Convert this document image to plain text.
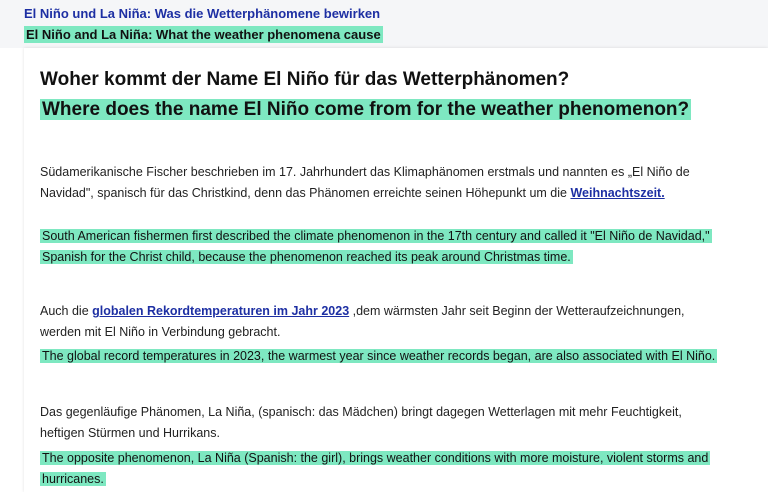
El Niño und La Niña: Was die Wetterphänomene bewirken
El Niño and La Niña: What the weather phenomena cause
Woher kommt der Name El Niño für das Wetterphänomen?
Where does the name El Niño come from for the weather phenomenon?

Südamerikanische Fischer beschrieben im 17. Jahrhundert das Klimaphänomen erstmals und nannten es „El Niño de Navidad", spanisch für das Christkind, denn das Phänomen erreichte seinen Höhepunkt um die Weihnachtszeit.

South American fishermen first described the climate phenomenon in the 17th century and called it "El Niño de Navidad," Spanish for the Christ child, because the phenomenon reached its peak around Christmas time.

Auch die globalen Rekordtemperaturen im Jahr 2023 ,dem wärmsten Jahr seit Beginn der Wetteraufzeichnungen, werden mit El Niño in Verbindung gebracht.

The global record temperatures in 2023, the warmest year since weather records began, are also associated with El Niño.

Das gegenläufige Phänomen, La Niña, (spanisch: das Mädchen) bringt dagegen Wetterlagen mit mehr Feuchtigkeit, heftigen Stürmen und Hurrikans.

The opposite phenomenon, La Niña (Spanish: the girl), brings weather conditions with more moisture, violent storms and hurricanes.
